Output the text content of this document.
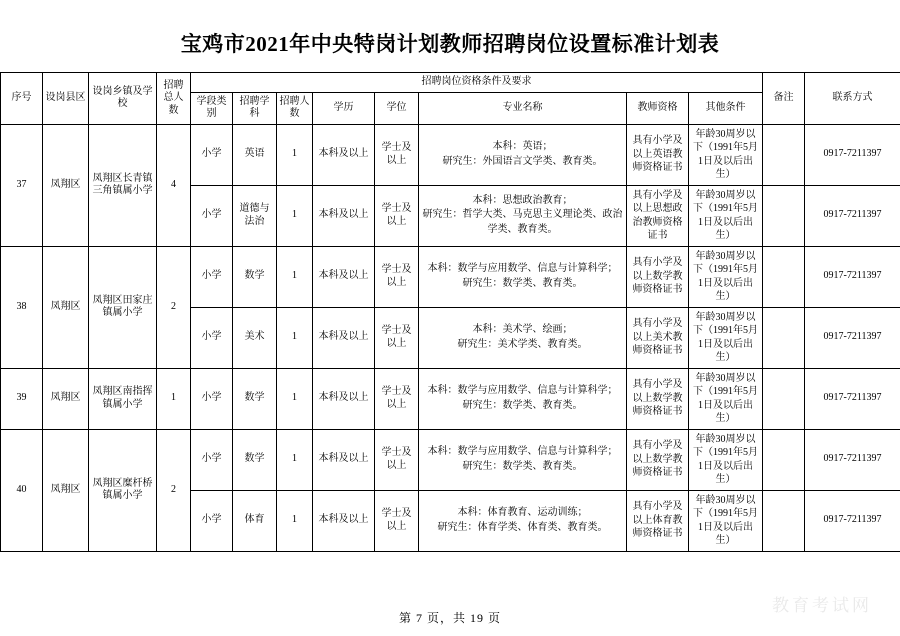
宝鸡市2021年中央特岗计划教师招聘岗位设置标准计划表
序号	设岗县区	设岗乡镇及学校	招聘总人数	招聘岗位资格条件及要求								备注	联系方式
				学段类别	招聘学科	招聘人数	学历	学位	专业名称	教师资格	其他条件		
37	凤翔区	凤翔区长青镇三角镇属小学	4	小学	英语	1	本科及以上	学士及以上	本科：英语；
研究生：外国语言文学类、教育类。	具有小学及以上英语教师资格证书	年龄30周岁以下（1991年5月1日及以后出生）		0917-7211397
				小学	道德与法治	1	本科及以上	学士及以上	本科：思想政治教育；
研究生：哲学大类、马克思主义理论类、政治学类、教育类。	具有小学及以上思想政治教师资格证书	年龄30周岁以下（1991年5月1日及以后出生）		0917-7211397
38	凤翔区	凤翔区田家庄镇属小学	2	小学	数学	1	本科及以上	学士及以上	本科：数学与应用数学、信息与计算科学；
研究生：数学类、教育类。	具有小学及以上数学教师资格证书	年龄30周岁以下（1991年5月1日及以后出生）		0917-7211397
				小学	美术	1	本科及以上	学士及以上	本科：美术学、绘画；
研究生：美术学类、教育类。	具有小学及以上美术教师资格证书	年龄30周岁以下（1991年5月1日及以后出生）		0917-7211397
39	凤翔区	凤翔区南指挥镇属小学	1	小学	数学	1	本科及以上	学士及以上	本科：数学与应用数学、信息与计算科学；
研究生：数学类、教育类。	具有小学及以上数学教师资格证书	年龄30周岁以下（1991年5月1日及以后出生）		0917-7211397
40	凤翔区	凤翔区糜杆桥镇属小学	2	小学	数学	1	本科及以上	学士及以上	本科：数学与应用数学、信息与计算科学；
研究生：数学类、教育类。	具有小学及以上数学教师资格证书	年龄30周岁以下（1991年5月1日及以后出生）		0917-7211397
				小学	体育	1	本科及以上	学士及以上	本科：体育教育、运动训练；
研究生：体育学类、体育类、教育类。	具有小学及以上体育教师资格证书	年龄30周岁以下（1991年5月1日及以后出生）		0917-7211397
教育考试网
第 7 页，共 19 页
